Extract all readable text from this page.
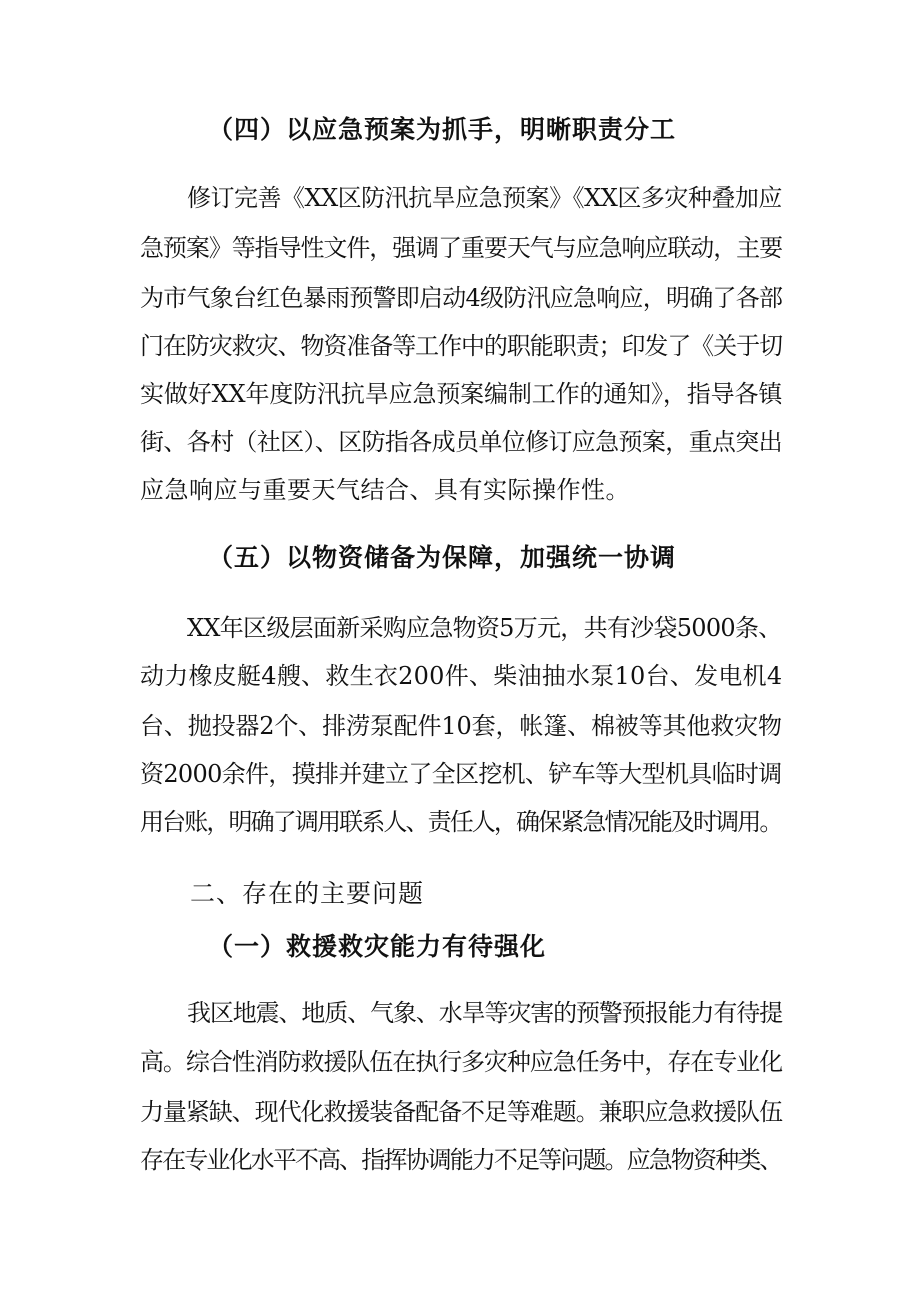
（四）以应急预案为抓手，明晰职责分工
修订完善《XX区防汛抗旱应急预案》《XX区多灾种叠加应
急预案》等指导性文件，强调了重要天气与应急响应联动，主要
为市气象台红色暴雨预警即启动4级防汛应急响应，明确了各部
门在防灾救灾、物资准备等工作中的职能职责；印发了《关于切
实做好XX年度防汛抗旱应急预案编制工作的通知》，指导各镇
街、各村（社区）、区防指各成员单位修订应急预案，重点突出
应急响应与重要天气结合、具有实际操作性。
（五）以物资储备为保障，加强统一协调
XX年区级层面新采购应急物资5万元，共有沙袋5000条、
动力橡皮艇4艘、救生衣200件、柴油抽水泵10台、发电机4
台、抛投器2个、排涝泵配件10套，帐篷、棉被等其他救灾物
资2000余件，摸排并建立了全区挖机、铲车等大型机具临时调
用台账，明确了调用联系人、责任人，确保紧急情况能及时调用。
二、存在的主要问题
（一）救援救灾能力有待强化
我区地震、地质、气象、水旱等灾害的预警预报能力有待提
高。综合性消防救援队伍在执行多灾种应急任务中，存在专业化
力量紧缺、现代化救援装备配备不足等难题。兼职应急救援队伍
存在专业化水平不高、指挥协调能力不足等问题。应急物资种类、
